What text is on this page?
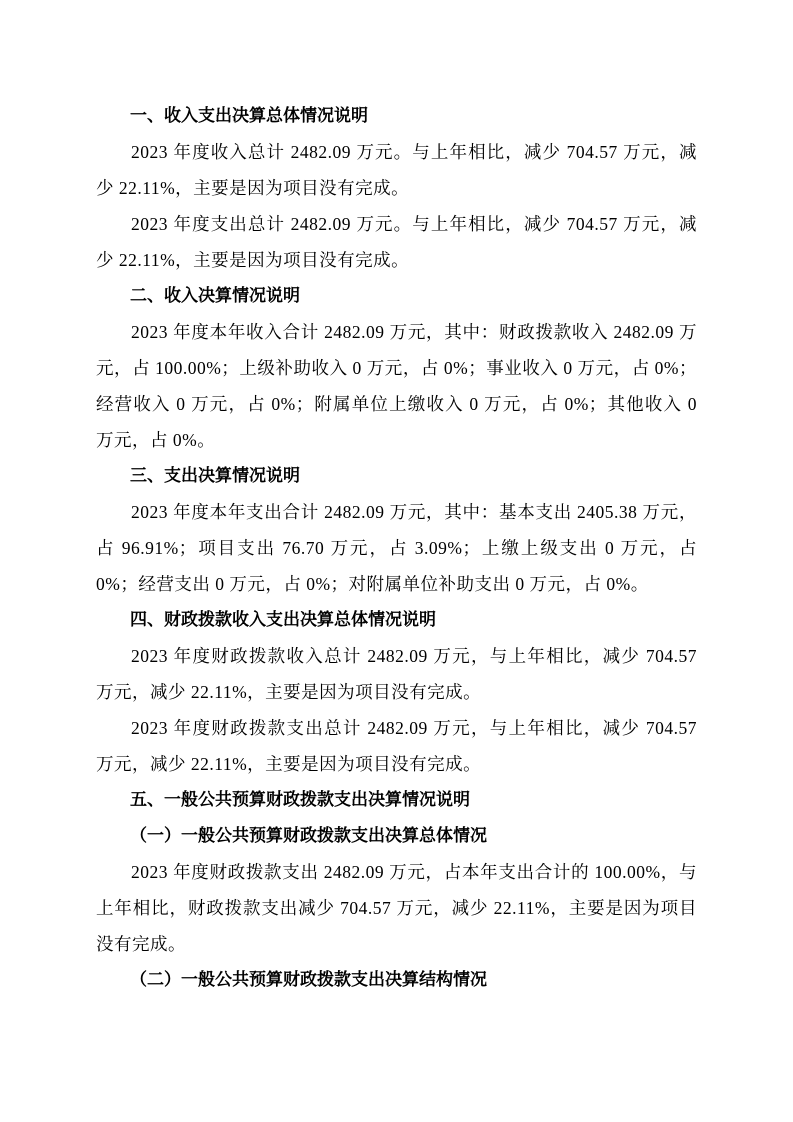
一、收入支出决算总体情况说明

2023 年度收入总计 2482.09 万元。与上年相比，减少 704.57 万元，减少 22.11%，主要是因为项目没有完成。

2023 年度支出总计 2482.09 万元。与上年相比，减少 704.57 万元，减少 22.11%，主要是因为项目没有完成。

二、收入决算情况说明

2023 年度本年收入合计 2482.09 万元，其中：财政拨款收入 2482.09 万元，占 100.00%；上级补助收入 0 万元，占 0%；事业收入 0 万元，占 0%；经营收入 0 万元，占 0%；附属单位上缴收入 0 万元，占 0%；其他收入 0 万元，占 0%。

三、支出决算情况说明

2023 年度本年支出合计 2482.09 万元，其中：基本支出 2405.38 万元，占 96.91%；项目支出 76.70 万元，占 3.09%；上缴上级支出 0 万元，占 0%；经营支出 0 万元，占 0%；对附属单位补助支出 0 万元，占 0%。

四、财政拨款收入支出决算总体情况说明

2023 年度财政拨款收入总计 2482.09 万元，与上年相比，减少 704.57 万元，减少 22.11%，主要是因为项目没有完成。

2023 年度财政拨款支出总计 2482.09 万元，与上年相比，减少 704.57 万元，减少 22.11%，主要是因为项目没有完成。

五、一般公共预算财政拨款支出决算情况说明

（一）一般公共预算财政拨款支出决算总体情况

2023 年度财政拨款支出 2482.09 万元，占本年支出合计的 100.00%，与上年相比，财政拨款支出减少 704.57 万元，减少 22.11%，主要是因为项目没有完成。

（二）一般公共预算财政拨款支出决算结构情况
